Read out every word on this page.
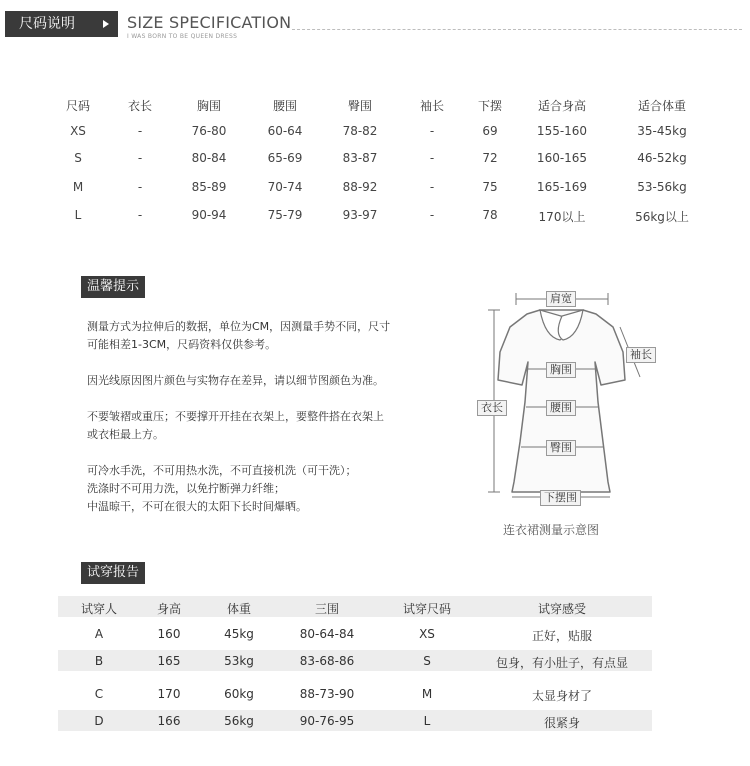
尺码说明	SIZE SPECIFICATION
I WAS BORN TO BE QUEEN DRESS
尺码	衣长	胸围	腰围	臀围	袖长	下摆	适合身高	适合体重
XS	-	76-80	60-64	78-82	-	69	155-160	35-45kg
S	-	80-84	65-69	83-87	-	72	160-165	46-52kg
M	-	85-89	70-74	88-92	-	75	165-169	53-56kg
L	-	90-94	75-79	93-97	-	78	170以上	56kg以上
温馨提示
测量方式为拉伸后的数据，单位为CM，因测量手势不同，尺寸
可能相差1-3CM，尺码资料仅供参考。
因光线原因图片颜色与实物存在差异，请以细节图颜色为准。
不要皱褶或重压；不要撑开开挂在衣架上，要整件搭在衣架上
或衣柜最上方。
可冷水手洗，不可用热水洗，不可直接机洗（可干洗）；
洗涤时不可用力洗，以免拧断弹力纤维；
中温晾干，不可在很大的太阳下长时间爆晒。
肩宽
袖长
胸围
衣长	腰围
臀围
下摆围
连衣裙测量示意图
试穿报告
试穿人	身高	体重	三围	试穿尺码	试穿感受
A	160	45kg	80-64-84	XS	正好，贴服
B	165	53kg	83-68-86	S	包身，有小肚子，有点显
C	170	60kg	88-73-90	M	太显身材了
D	166	56kg	90-76-95	L	很紧身
